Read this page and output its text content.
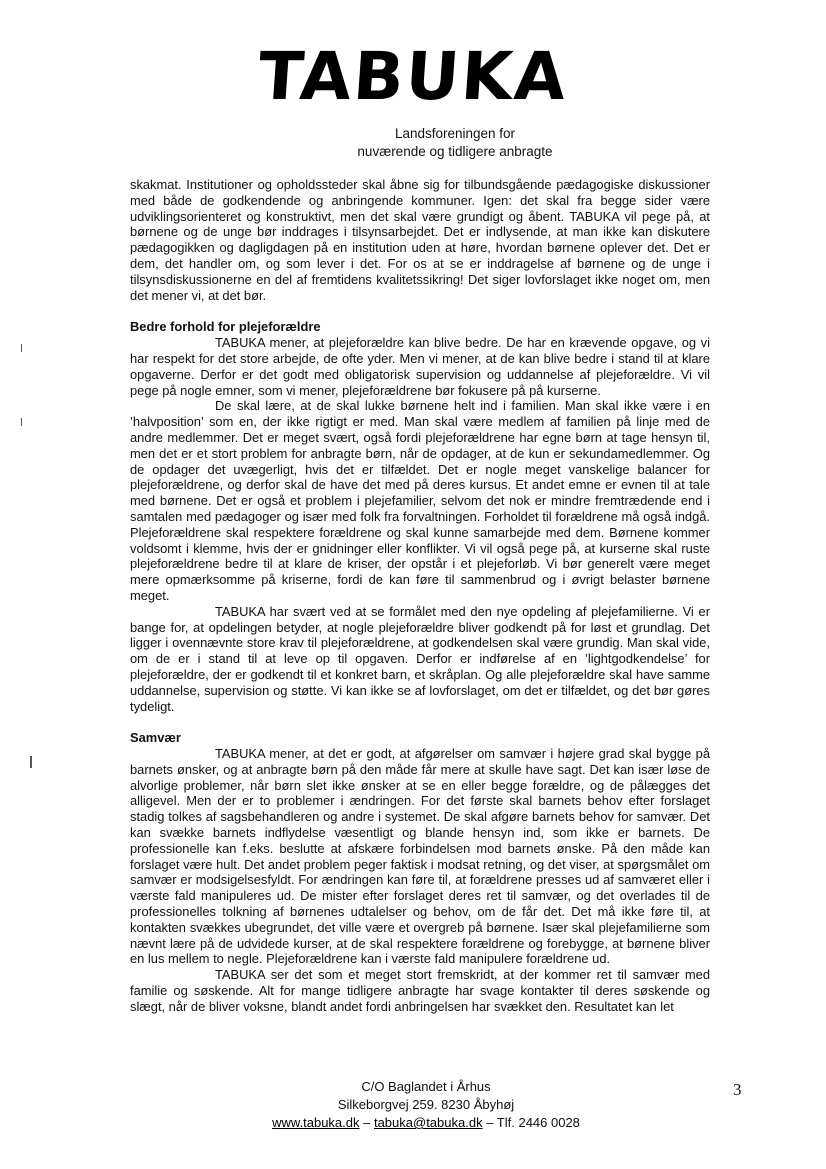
TABUKA
Landsforeningen for
nuværende og tidligere anbragte

skakmat. Institutioner og opholdssteder skal åbne sig for tilbundsgående pædagogiske diskussioner med både de godkendende og anbringende kommuner. Igen: det skal fra begge sider være udviklingsorienteret og konstruktivt, men det skal være grundigt og åbent. TABUKA vil pege på, at børnene og de unge bør inddrages i tilsynsarbejdet. Det er indlysende, at man ikke kan diskutere pædagogikken og dagligdagen på en institution uden at høre, hvordan børnene oplever det. Det er dem, det handler om, og som lever i det. For os at se er inddragelse af børnene og de unge i tilsynsdiskussionerne en del af fremtidens kvalitetssikring! Det siger lovforslaget ikke noget om, men det mener vi, at det bør.

Bedre forhold for plejeforældre

TABUKA mener, at plejeforældre kan blive bedre. De har en krævende opgave, og vi har respekt for det store arbejde, de ofte yder. Men vi mener, at de kan blive bedre i stand til at klare opgaverne. Derfor er det godt med obligatorisk supervision og uddannelse af plejeforældre. Vi vil pege på nogle emner, som vi mener, plejeforældrene bør fokusere på på kurserne.

De skal lære, at de skal lukke børnene helt ind i familien. Man skal ikke være i en ’halvposition’ som en, der ikke rigtigt er med. Man skal være medlem af familien på linje med de andre medlemmer. Det er meget svært, også fordi plejeforældrene har egne børn at tage hensyn til, men det er et stort problem for anbragte børn, når de opdager, at de kun er sekundamedlemmer. Og de opdager det uvægerligt, hvis det er tilfældet. Det er nogle meget vanskelige balancer for plejeforældrene, og derfor skal de have det med på deres kursus. Et andet emne er evnen til at tale med børnene. Det er også et problem i plejefamilier, selvom det nok er mindre fremtrædende end i samtalen med pædagoger og især med folk fra forvaltningen. Forholdet til forældrene må også indgå. Plejeforældrene skal respektere forældrene og skal kunne samarbejde med dem. Børnene kommer voldsomt i klemme, hvis der er gnidninger eller konflikter. Vi vil også pege på, at kurserne skal ruste plejeforældrene bedre til at klare de kriser, der opstår i et plejeforløb. Vi bør generelt være meget mere opmærksomme på kriserne, fordi de kan føre til sammenbrud og i øvrigt belaster børnene meget.

TABUKA har svært ved at se formålet med den nye opdeling af plejefamilierne. Vi er bange for, at opdelingen betyder, at nogle plejeforældre bliver godkendt på for løst et grundlag. Det ligger i ovennævnte store krav til plejeforældrene, at godkendelsen skal være grundig. Man skal vide, om de er i stand til at leve op til opgaven. Derfor er indførelse af en ’lightgodkendelse’ for plejeforældre, der er godkendt til et konkret barn, et skråplan. Og alle plejeforældre skal have samme uddannelse, supervision og støtte. Vi kan ikke se af lovforslaget, om det er tilfældet, og det bør gøres tydeligt.

Samvær

TABUKA mener, at det er godt, at afgørelser om samvær i højere grad skal bygge på barnets ønsker, og at anbragte børn på den måde får mere at skulle have sagt. Det kan især løse de alvorlige problemer, når børn slet ikke ønsker at se en eller begge forældre, og de pålægges det alligevel. Men der er to problemer i ændringen. For det første skal barnets behov efter forslaget stadig tolkes af sagsbehandleren og andre i systemet. De skal afgøre barnets behov for samvær. Det kan svække barnets indflydelse væsentligt og blande hensyn ind, som ikke er barnets. De professionelle kan f.eks. beslutte at afskære forbindelsen mod barnets ønske. På den måde kan forslaget være hult. Det andet problem peger faktisk i modsat retning, og det viser, at spørgsmålet om samvær er modsigelsesfyldt. For ændringen kan føre til, at forældrene presses ud af samværet eller i værste fald manipuleres ud. De mister efter forslaget deres ret til samvær, og det overlades til de professionelles tolkning af børnenes udtalelser og behov, om de får det. Det må ikke føre til, at kontakten svækkes ubegrundet, det ville være et overgreb på børnene. Især skal plejefamilierne som nævnt lære på de udvidede kurser, at de skal respektere forældrene og forebygge, at børnene bliver en lus mellem to negle. Plejeforældrene kan i værste fald manipulere forældrene ud.

TABUKA ser det som et meget stort fremskridt, at der kommer ret til samvær med familie og søskende. Alt for mange tidligere anbragte har svage kontakter til deres søskende og slægt, når de bliver voksne, blandt andet fordi anbringelsen har svækket den. Resultatet kan let

C/O Baglandet i Århus
Silkeborgvej 259. 8230 Åbyhøj
www.tabuka.dk – tabuka@tabuka.dk – Tlf. 2446 0028
3
